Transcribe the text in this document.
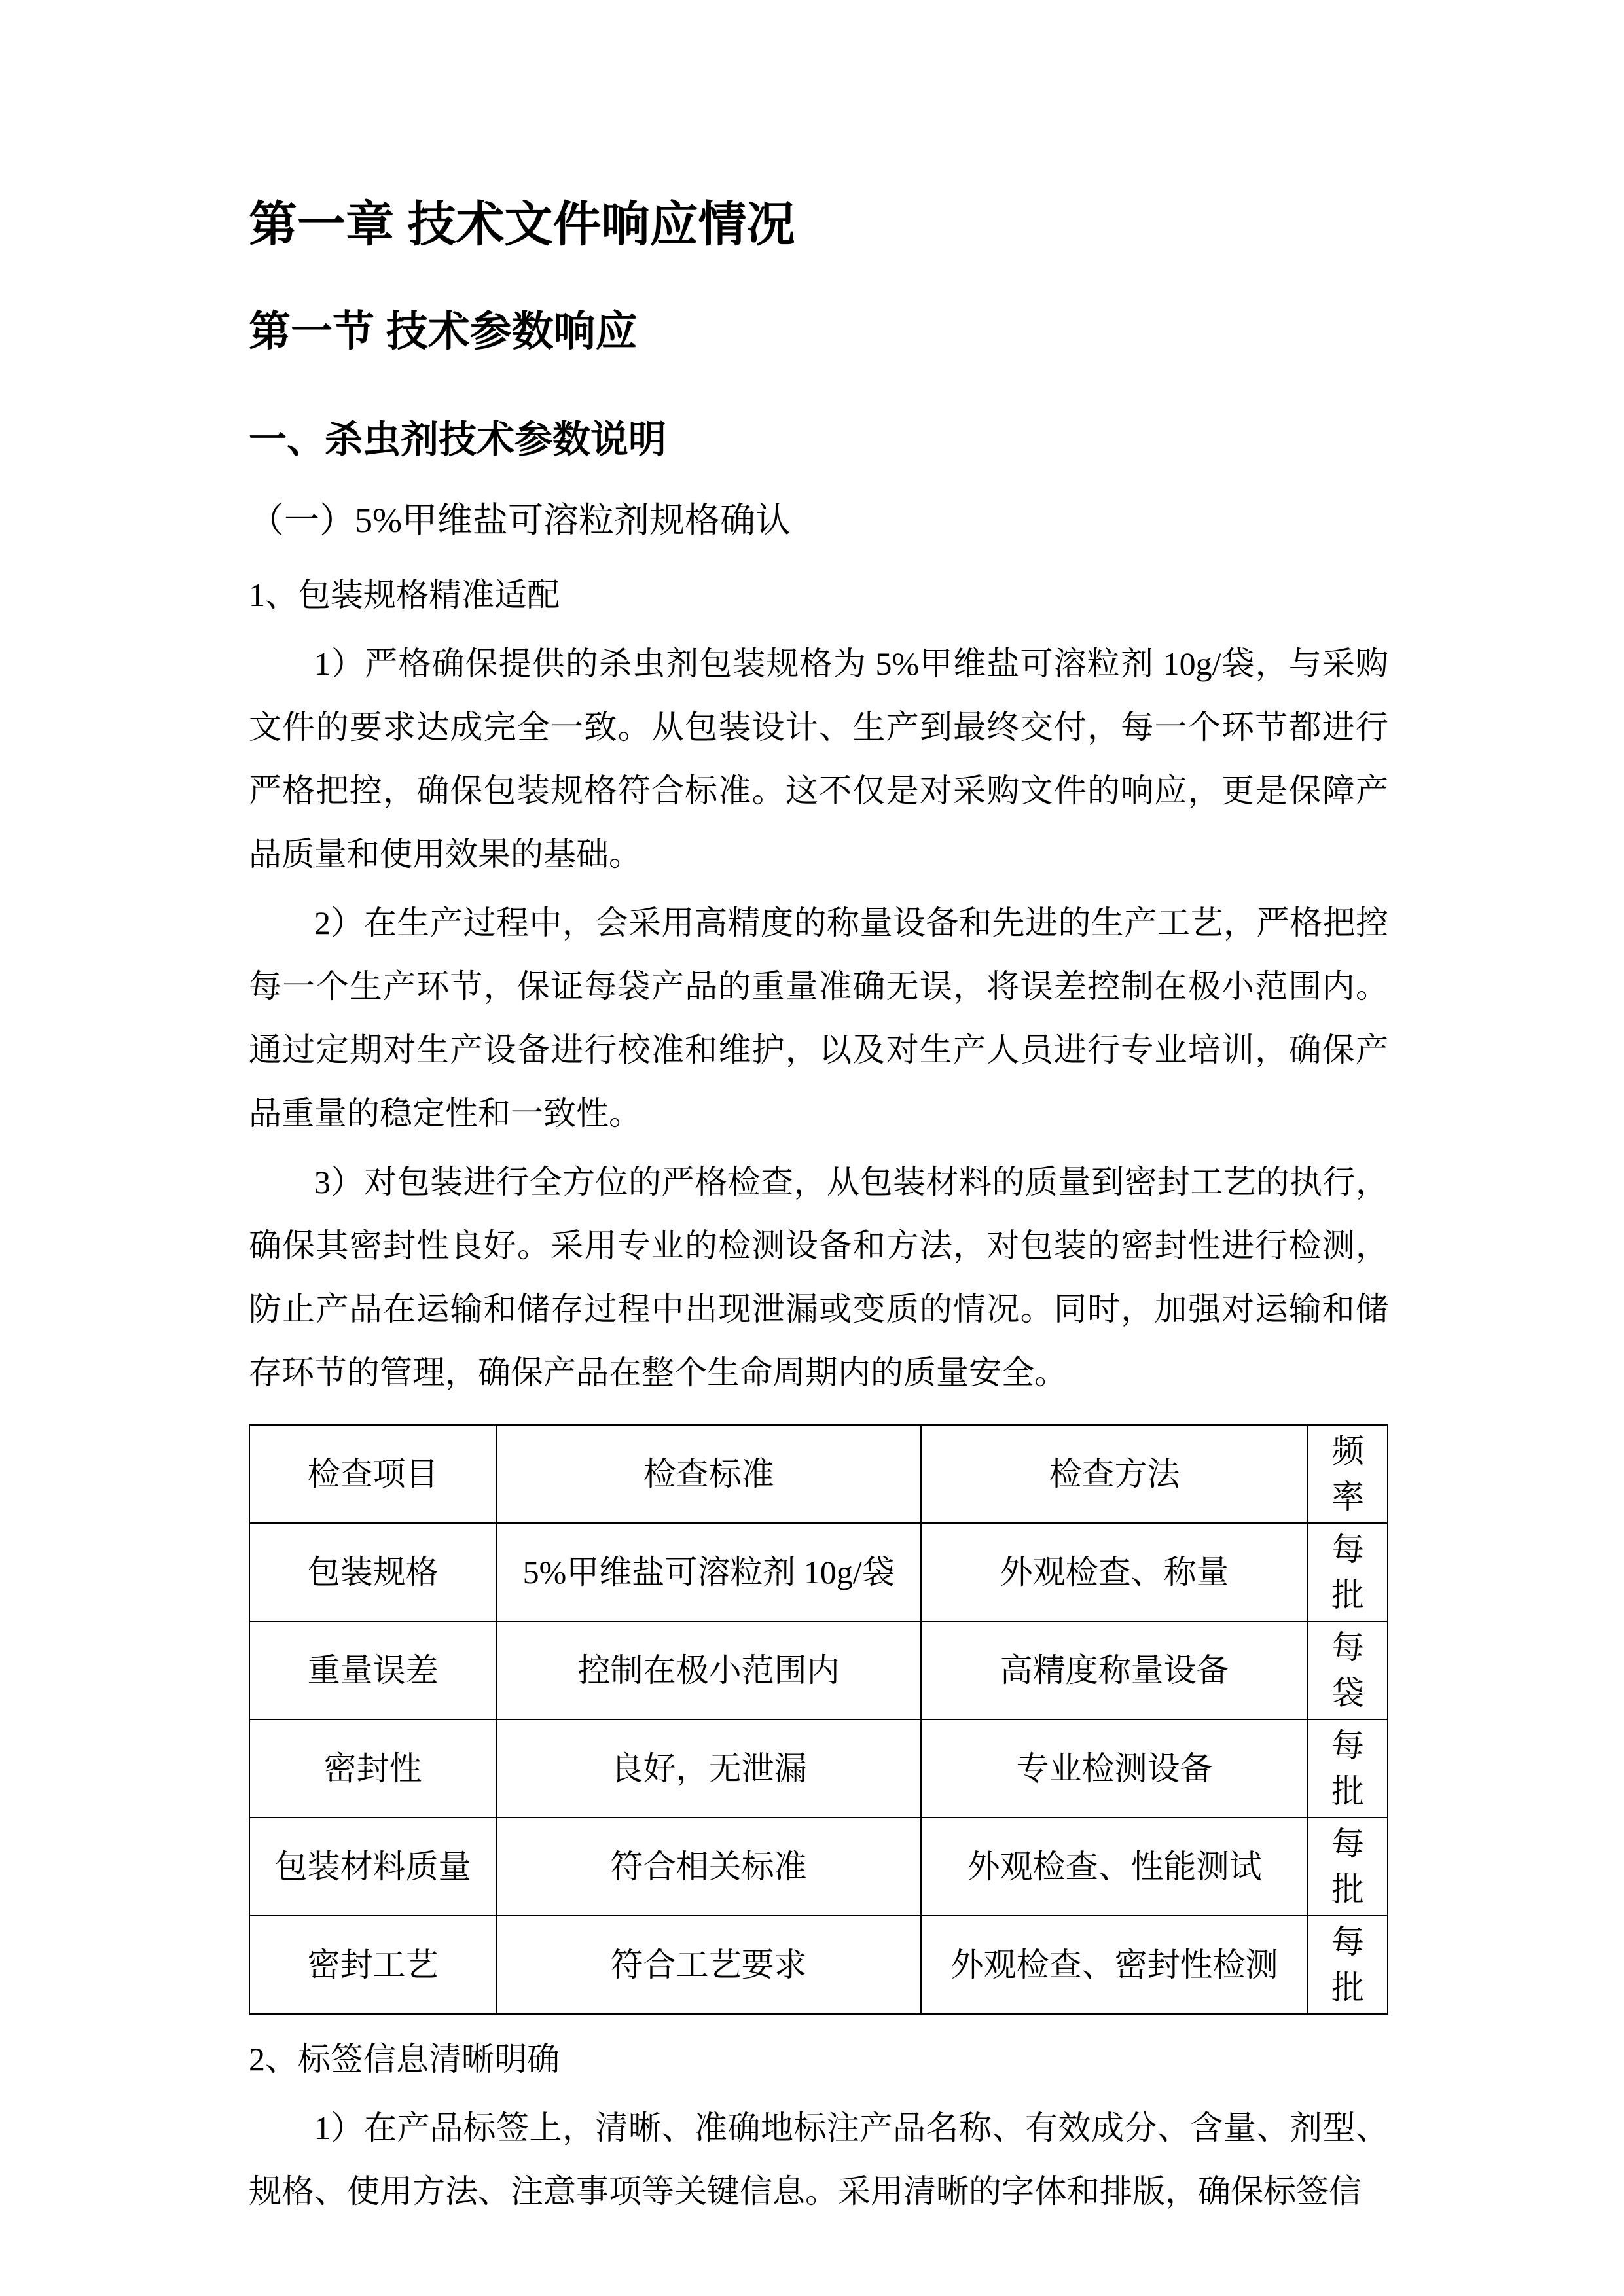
第一章 技术文件响应情况
第一节 技术参数响应
一、杀虫剂技术参数说明
（一）5%甲维盐可溶粒剂规格确认

1、包装规格精准适配

1）严格确保提供的杀虫剂包装规格为 5%甲维盐可溶粒剂 10g/袋，与采购文件的要求达成完全一致。从包装设计、生产到最终交付，每一个环节都进行严格把控，确保包装规格符合标准。这不仅是对采购文件的响应，更是保障产品质量和使用效果的基础。

2）在生产过程中，会采用高精度的称量设备和先进的生产工艺，严格把控每一个生产环节，保证每袋产品的重量准确无误，将误差控制在极小范围内。通过定期对生产设备进行校准和维护，以及对生产人员进行专业培训，确保产品重量的稳定性和一致性。

3）对包装进行全方位的严格检查，从包装材料的质量到密封工艺的执行，确保其密封性良好。采用专业的检测设备和方法，对包装的密封性进行检测，防止产品在运输和储存过程中出现泄漏或变质的情况。同时，加强对运输和储存环节的管理，确保产品在整个生命周期内的质量安全。

检查项目	检查标准	检查方法	频率
包装规格	5%甲维盐可溶粒剂 10g/袋	外观检查、称量	每批
重量误差	控制在极小范围内	高精度称量设备	每袋
密封性	良好，无泄漏	专业检测设备	每批
包装材料质量	符合相关标准	外观检查、性能测试	每批
密封工艺	符合工艺要求	外观检查、密封性检测	每批

2、标签信息清晰明确

1）在产品标签上，清晰、准确地标注产品名称、有效成分、含量、剂型、规格、使用方法、注意事项等关键信息。采用清晰的字体和排版，确保标签信
